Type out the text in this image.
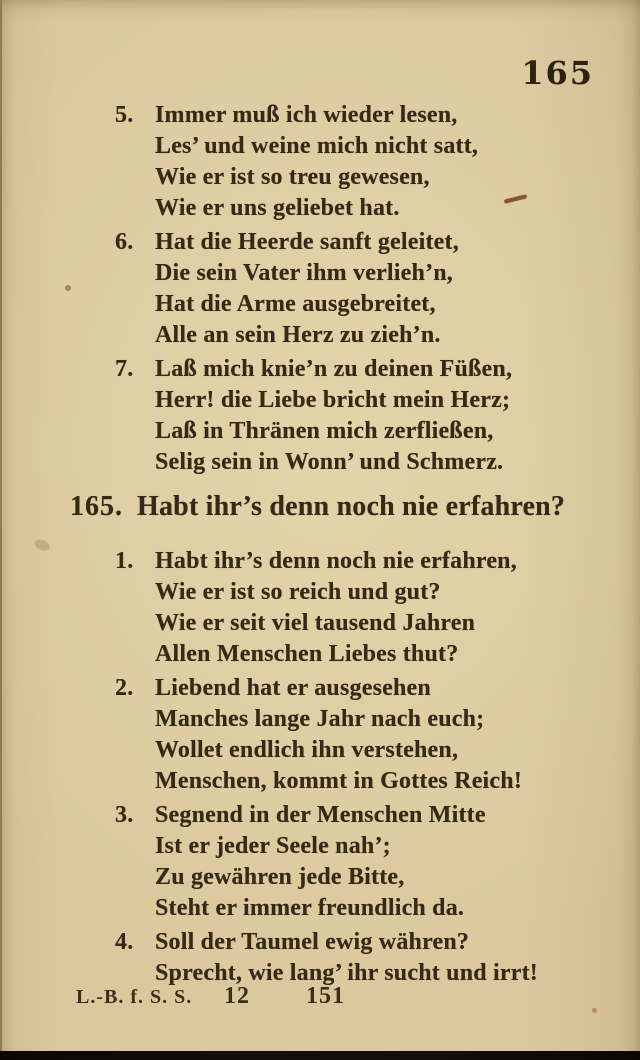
165
5. Immer muß ich wieder lesen,
Les’ und weine mich nicht satt,
Wie er ist so treu gewesen,
Wie er uns geliebet hat.
6. Hat die Heerde sanft geleitet,
Die sein Vater ihm verlieh’n,
Hat die Arme ausgebreitet,
Alle an sein Herz zu zieh’n.
7. Laß mich knie’n zu deinen Füßen,
Herr! die Liebe bricht mein Herz;
Laß in Thränen mich zerfließen,
Selig sein in Wonn’ und Schmerz.
165. Habt ihr’s denn noch nie erfahren?
1. Habt ihr’s denn noch nie erfahren,
Wie er ist so reich und gut?
Wie er seit viel tausend Jahren
Allen Menschen Liebes thut?
2. Liebend hat er ausgesehen
Manches lange Jahr nach euch;
Wollet endlich ihn verstehen,
Menschen, kommt in Gottes Reich!
3. Segnend in der Menschen Mitte
Ist er jeder Seele nah’;
Zu gewähren jede Bitte,
Steht er immer freundlich da.
4. Soll der Taumel ewig währen?
Sprecht, wie lang’ ihr sucht und irrt!
L.-B. f. S. S. 12 151
